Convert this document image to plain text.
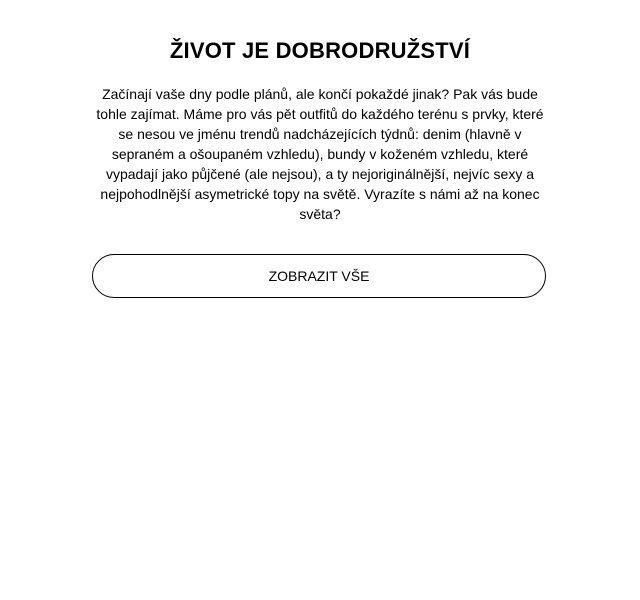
ŽIVOT JE DOBRODRUŽSTVÍ

Začínají vaše dny podle plánů, ale končí pokaždé jinak? Pak vás bude tohle zajímat. Máme pro vás pět outfitů do každého terénu s prvky, které se nesou ve jménu trendů nadcházejících týdnů: denim (hlavně v sepraném a ošoupaném vzhledu), bundy v koženém vzhledu, které vypadají jako půjčené (ale nejsou), a ty nejoriginálnější, nejvíc sexy a nejpohodlnější asymetrické topy na světě. Vyrazíte s námi až na konec světa?

ZOBRAZIT VŠE
